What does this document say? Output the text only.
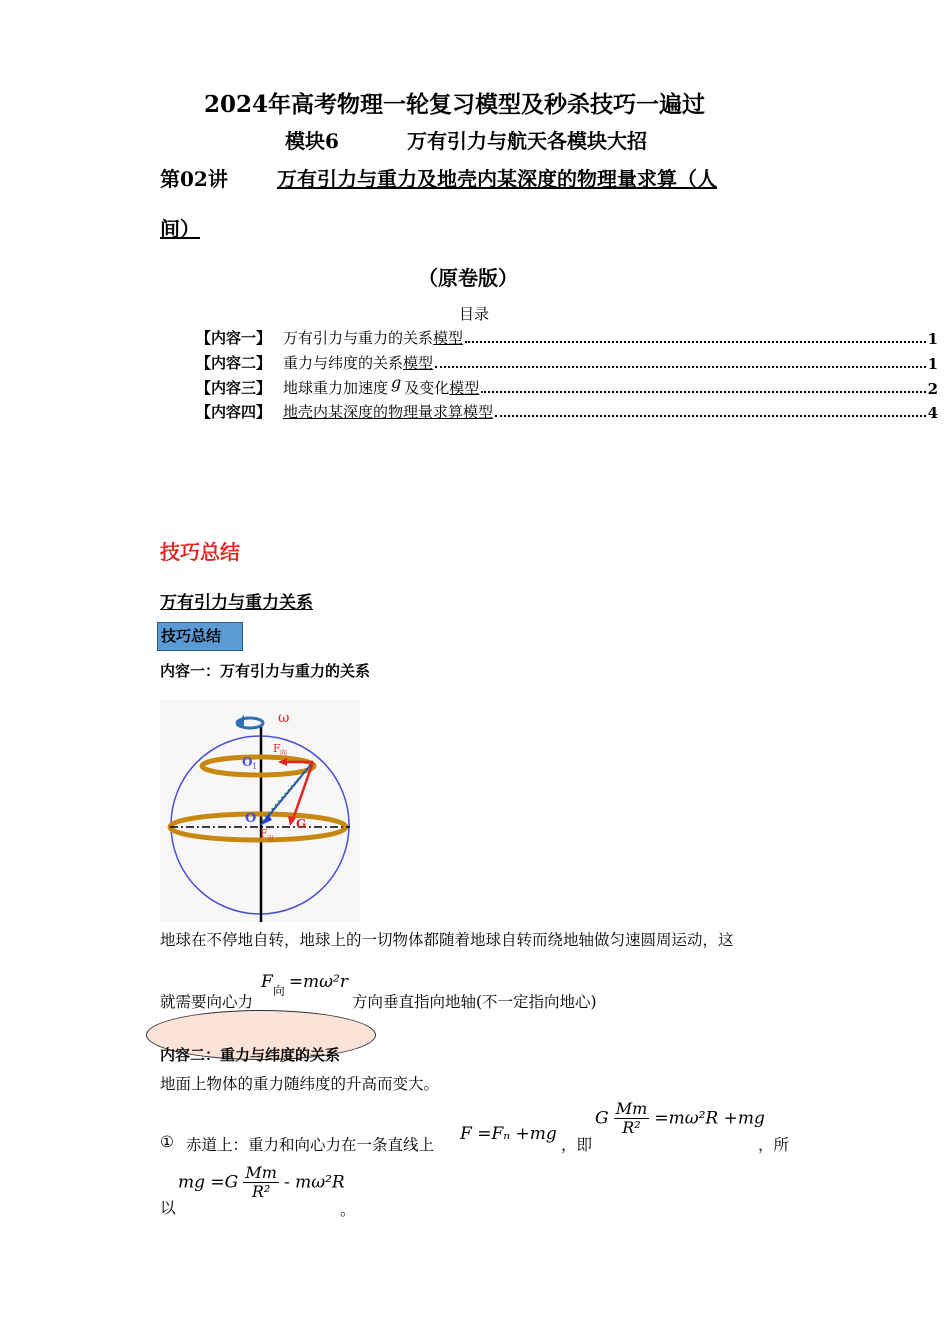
2024年高考物理一轮复习模型及秒杀技巧一遍过
模块6	万有引力与航天各模块大招
第02讲 万有引力与重力及地壳内某深度的物理量求算（人
间）
（原卷版）
目录
【内容一】 万有引力与重力的关系 模型	1
【内容二】 重力与纬度的关系 模型	1
【内容三】 地球重力加速度 g 及变化 模型	2
【内容四】 地壳内某深度的物理量求算模型	4
技巧总结
万有引力与重力关系
技巧总结
内容一：万有引力与重力的关系
ω
O 1
F 向
O
F 引
G
地球在不停地自转，地球上的一切物体都随着地球自转而绕地轴做匀速圆周运动，这
就需要向心力
$F_向 =m\omega^2r$
方向垂直指向地轴(不一定指向地心)
内容二：重力与纬度的关系
地面上物体的重力随纬度的升高而变大。
① 赤道上：重力和向心力在一条直线上
F =Fₙ +mg
，即
G $\frac{Mm}{\text{R²}} =m\omega^2R +mg$
，所
以
mg $=G \frac{Mm}{\text{R²}} - m\omega^2R$
。
